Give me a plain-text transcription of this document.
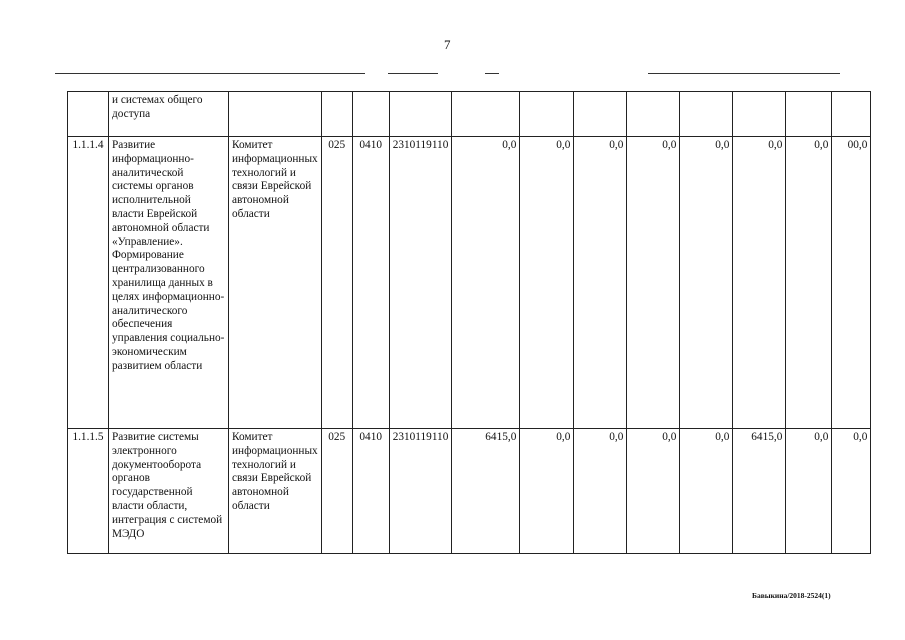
7
	и системах общего доступа												
1.1.1.4	Развитие информационно-аналитической системы органов исполнительной власти Еврейской автономной области «Управление». Формирование централизованного хранилища данных в целях информационно-аналитического обеспечения управления социально-экономическим развитием области	Комитет информационных технологий и связи Еврейской автономной области	025	0410	2310119110	0,0	0,0	0,0	0,0	0,0	0,0	0,0	00,0
1.1.1.5	Развитие системы электронного документооборота органов государственной власти области, интеграция с системой МЭДО	Комитет информационных технологий и связи Еврейской автономной области	025	0410	2310119110	6415,0	0,0	0,0	0,0	0,0	6415,0	0,0	0,0
Бавыкина/2018-2524(1)
